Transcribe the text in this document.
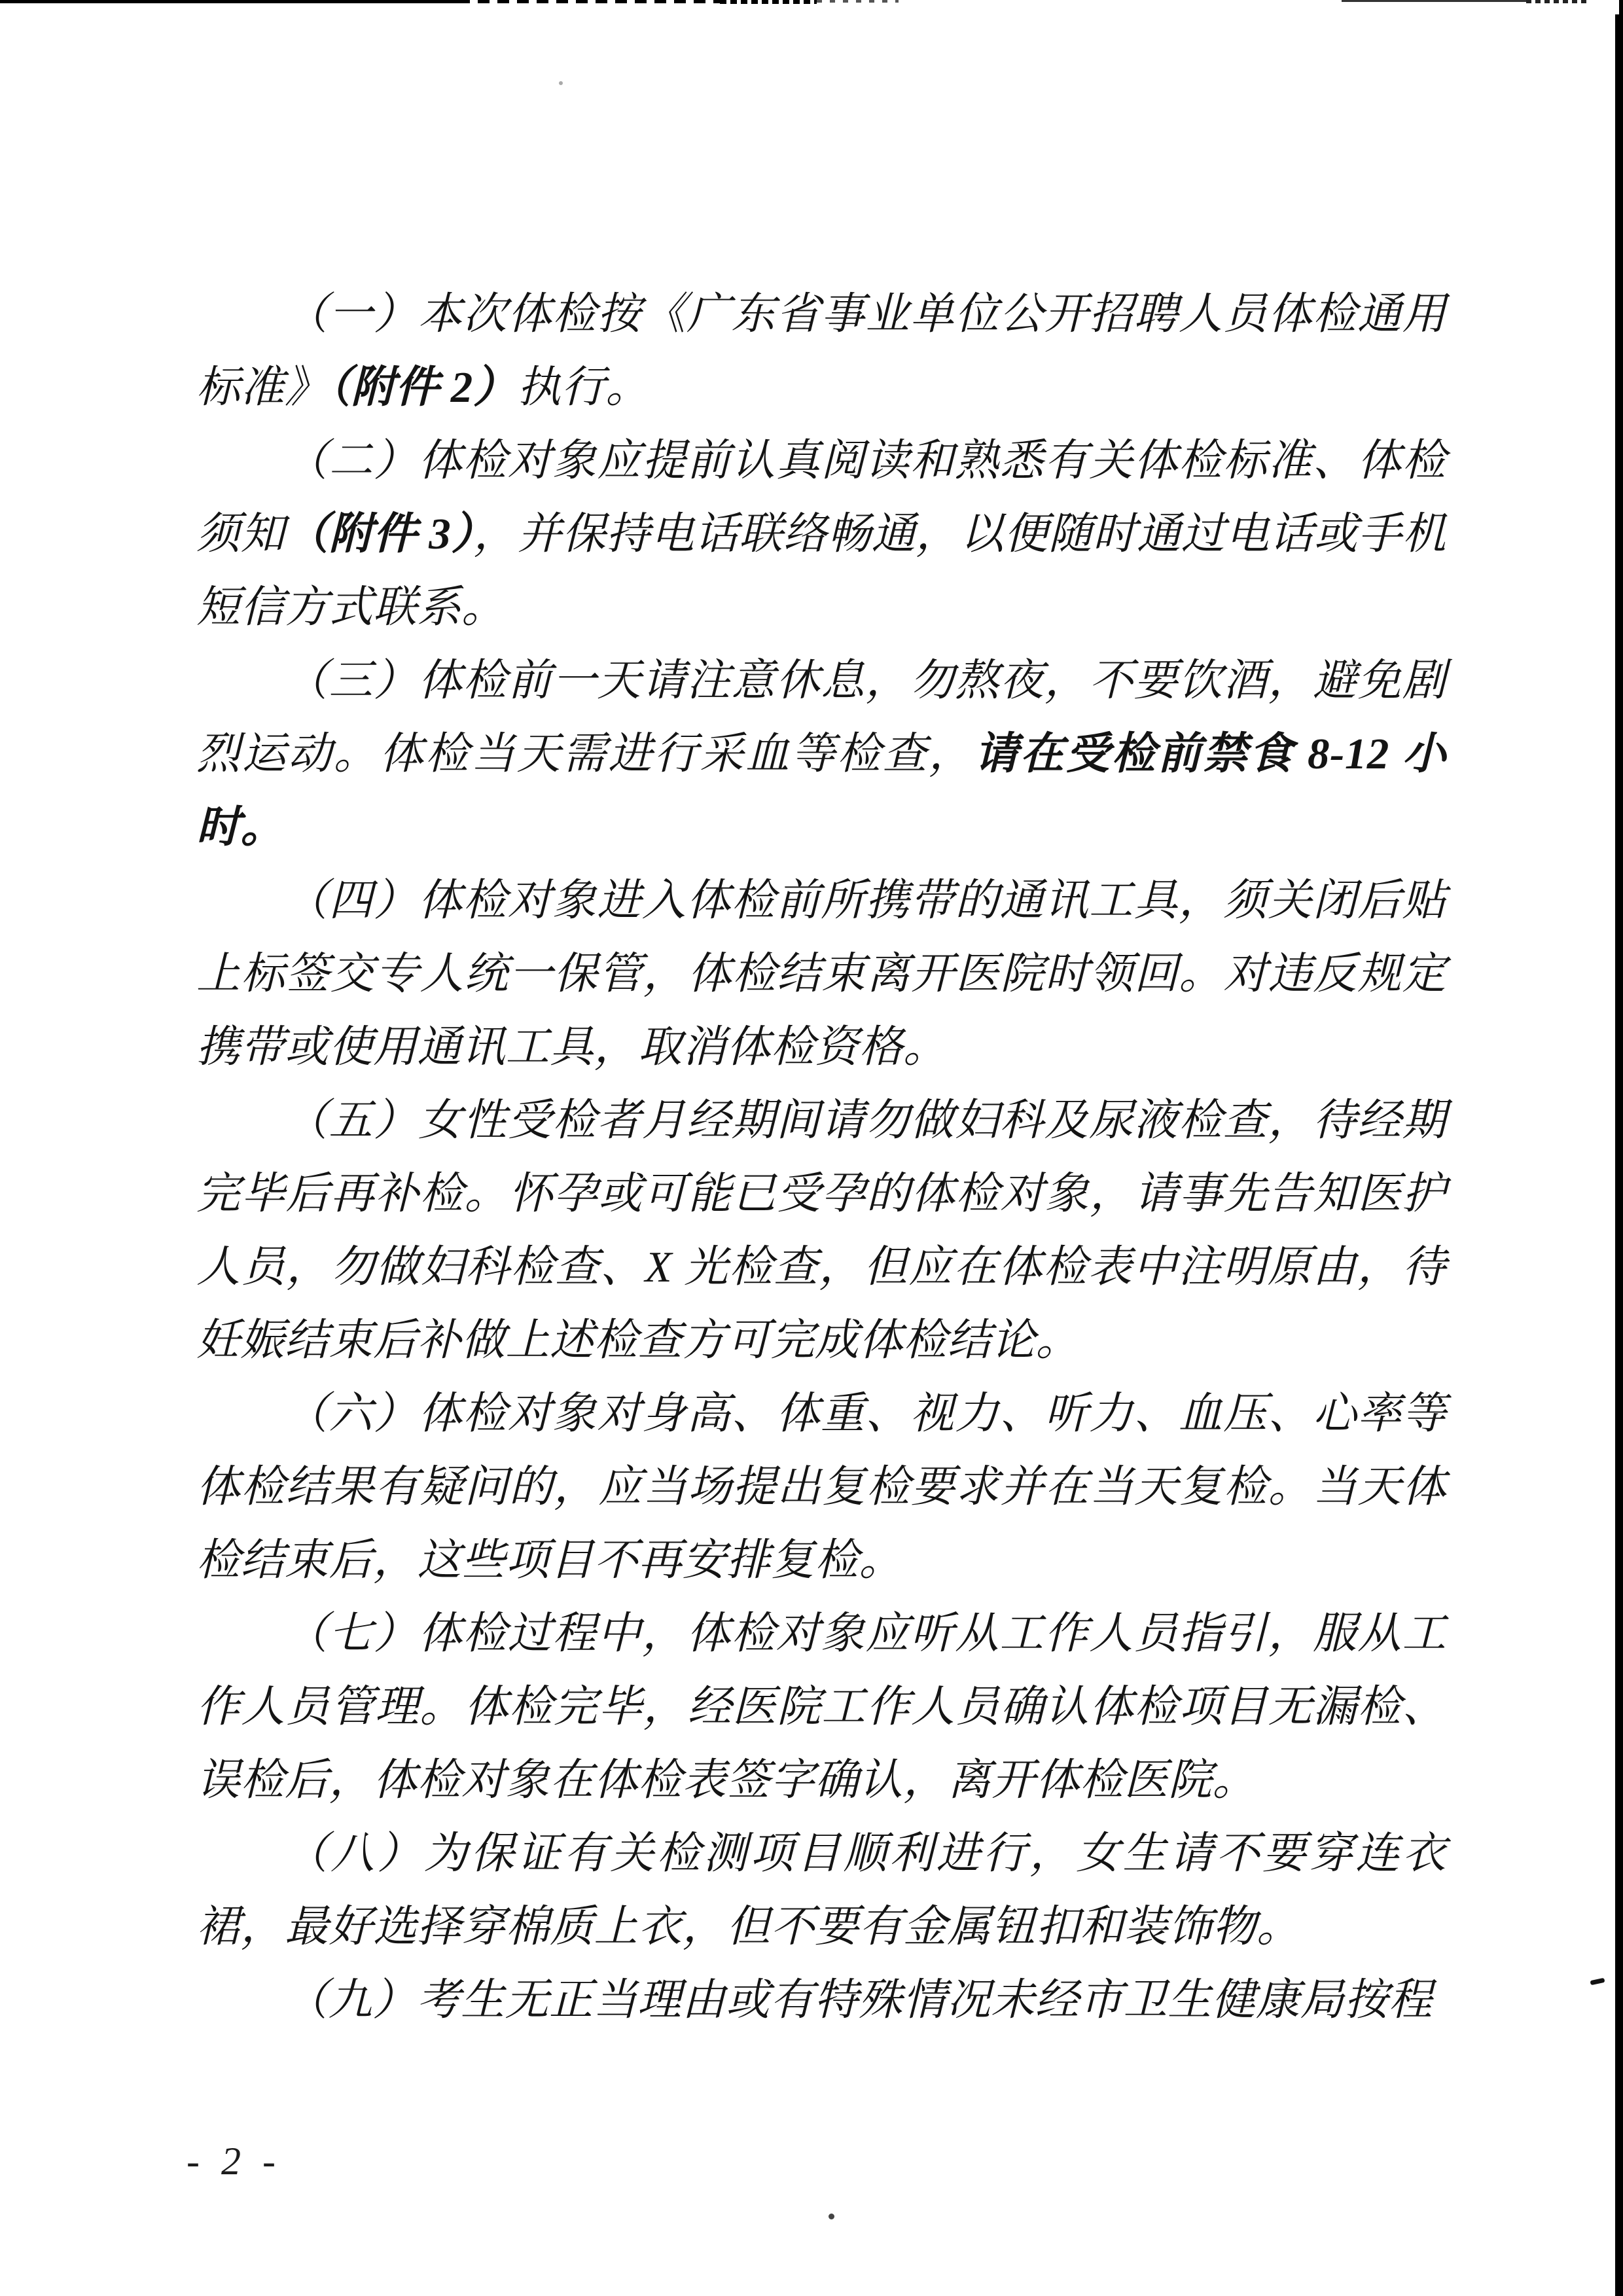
（一）本次体检按《广东省事业单位公开招聘人员体检通用标准》（附件 2）执行。

（二）体检对象应提前认真阅读和熟悉有关体检标准、体检须知（附件 3），并保持电话联络畅通，以便随时通过电话或手机短信方式联系。

（三）体检前一天请注意休息，勿熬夜，不要饮酒，避免剧烈运动。体检当天需进行采血等检查，请在受检前禁食 8-12 小时。

（四）体检对象进入体检前所携带的通讯工具，须关闭后贴上标签交专人统一保管，体检结束离开医院时领回。对违反规定携带或使用通讯工具，取消体检资格。

（五）女性受检者月经期间请勿做妇科及尿液检查，待经期完毕后再补检。怀孕或可能已受孕的体检对象，请事先告知医护人员，勿做妇科检查、X 光检查，但应在体检表中注明原由，待妊娠结束后补做上述检查方可完成体检结论。

（六）体检对象对身高、体重、视力、听力、血压、心率等体检结果有疑问的，应当场提出复检要求并在当天复检。当天体检结束后，这些项目不再安排复检。

（七）体检过程中，体检对象应听从工作人员指引，服从工作人员管理。体检完毕，经医院工作人员确认体检项目无漏检、误检后，体检对象在体检表签字确认，离开体检医院。

（八）为保证有关检测项目顺利进行，女生请不要穿连衣裙，最好选择穿棉质上衣，但不要有金属钮扣和装饰物。

（九）考生无正当理由或有特殊情况未经市卫生健康局按程

- 2 -
